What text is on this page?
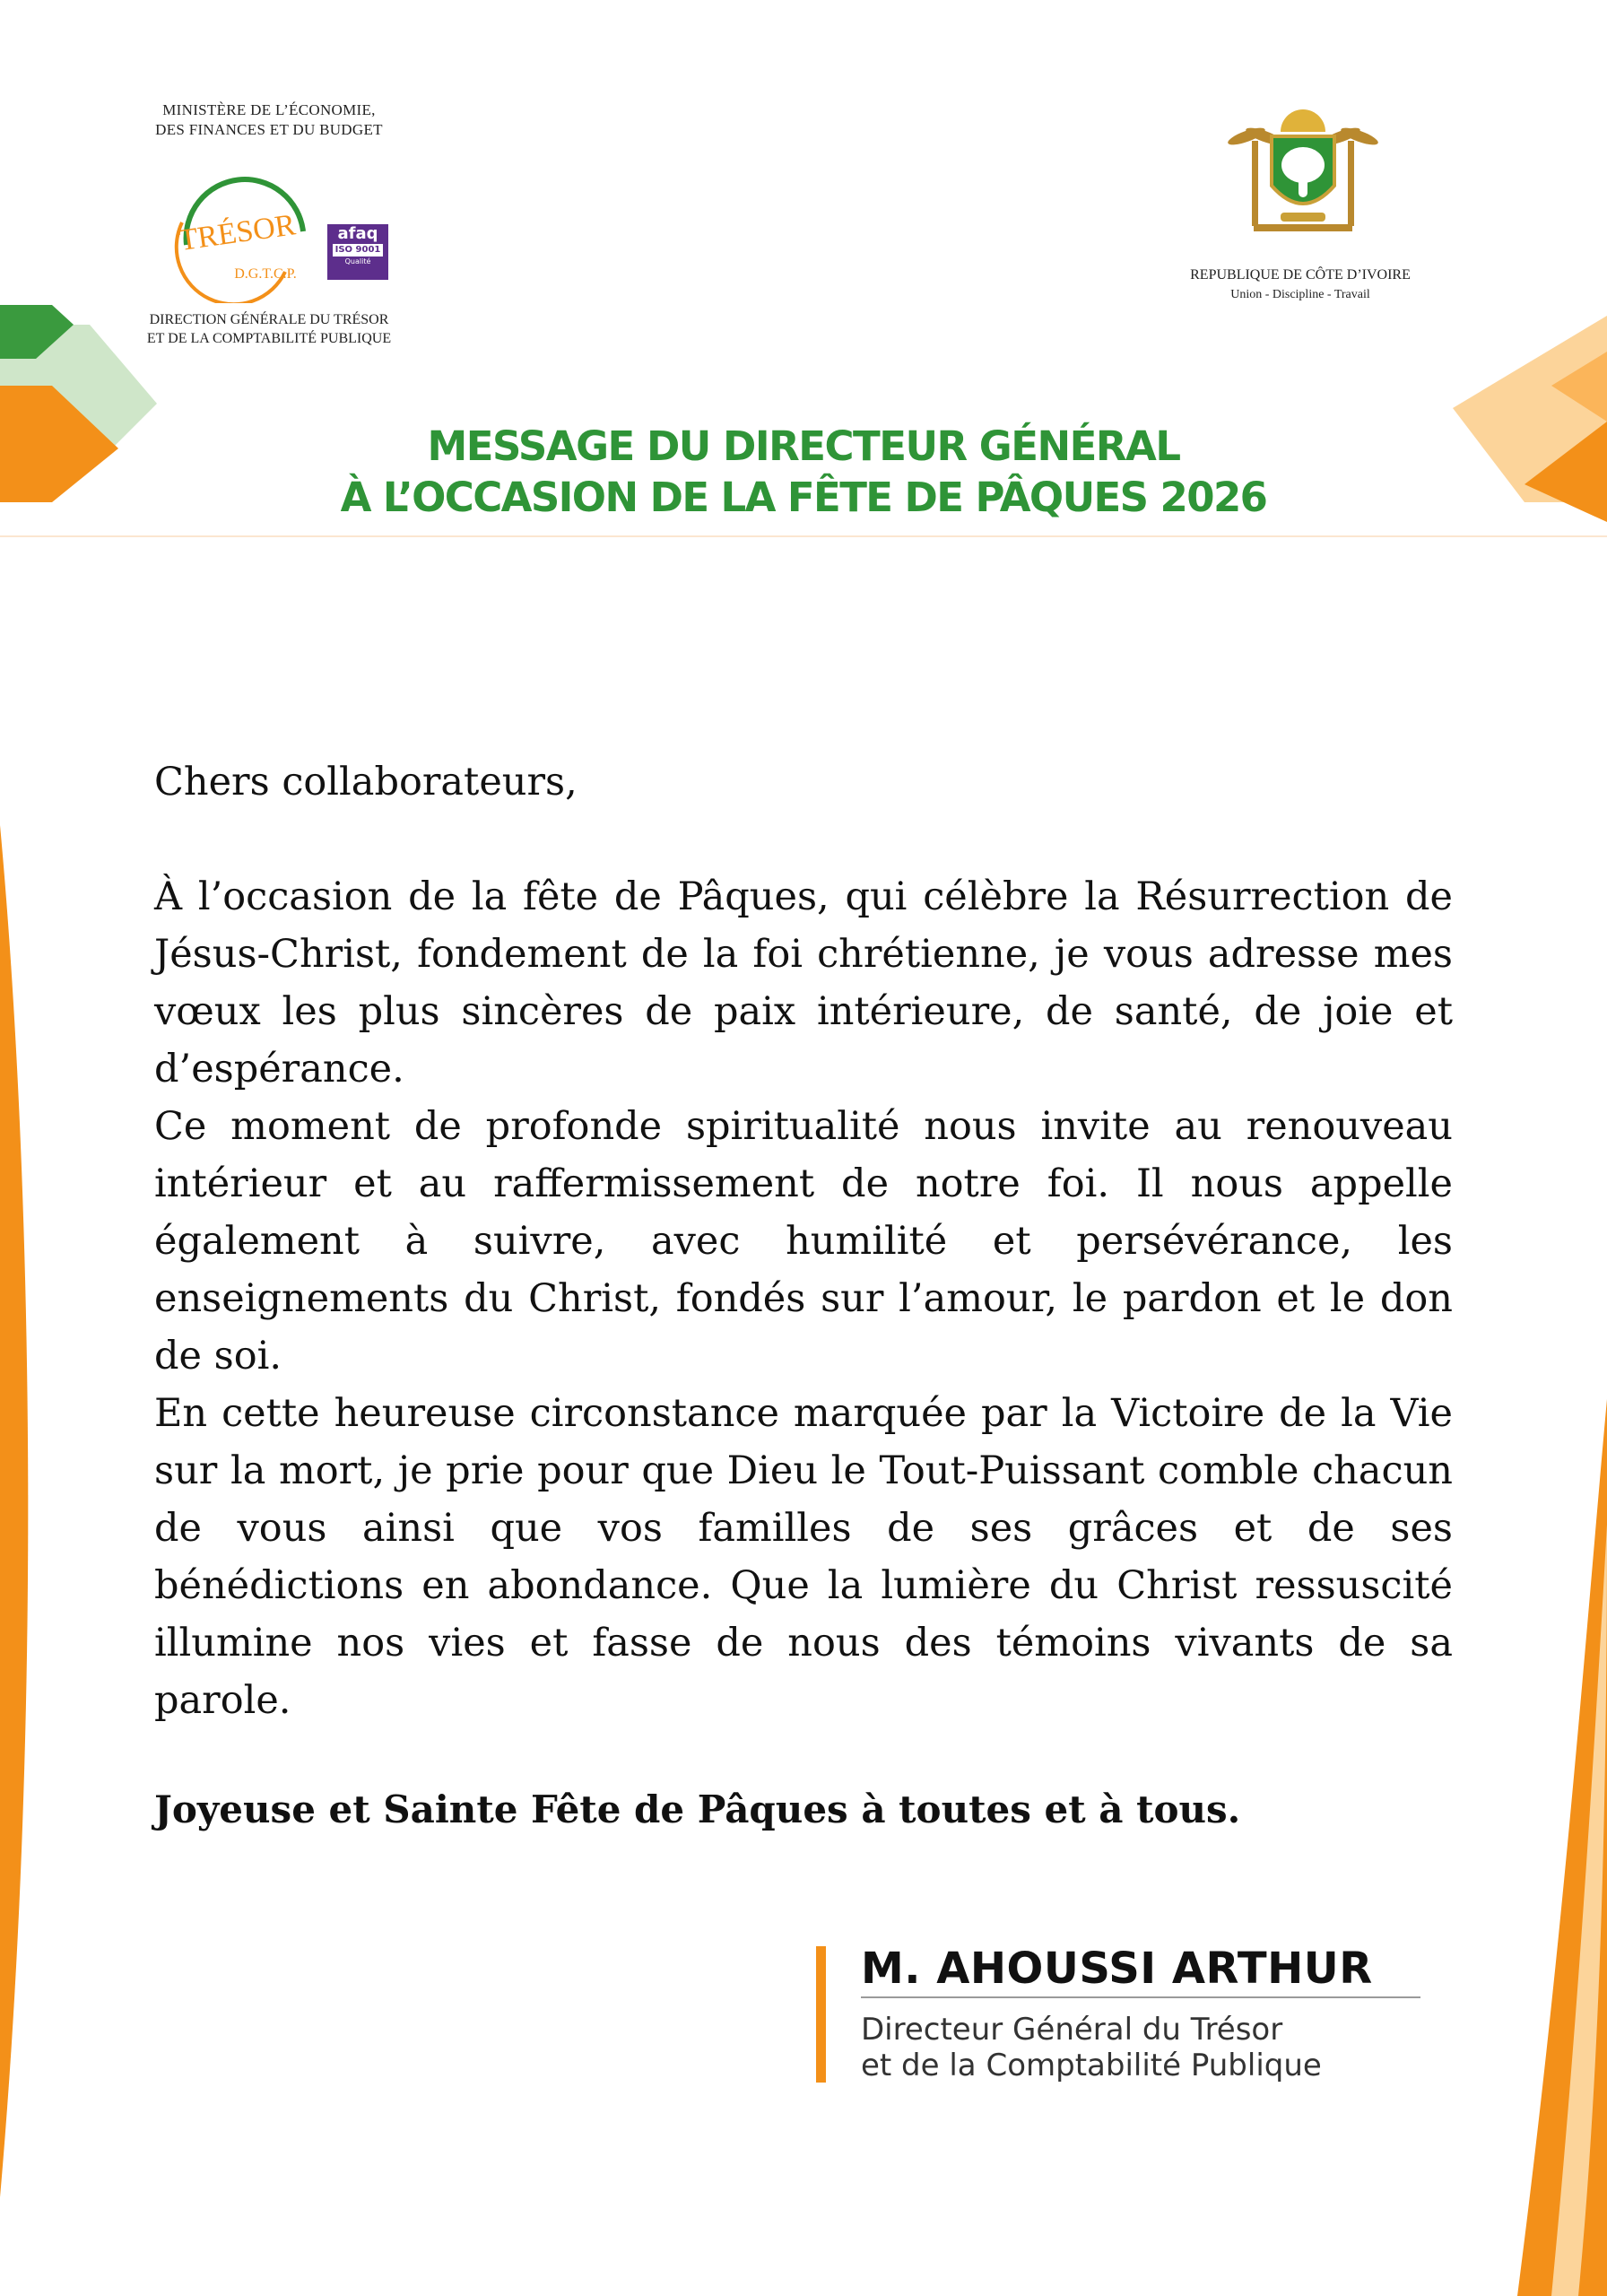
MINISTÈRE DE L’ÉCONOMIE,
DES FINANCES ET DU BUDGET
TRÉSOR
D.G.T.C.P.
afaq
ISO 9001
Qualité
DIRECTION GÉNÉRALE DU TRÉSOR
ET DE LA COMPTABILITÉ PUBLIQUE
REPUBLIQUE DE CÔTE D’IVOIRE
Union - Discipline - Travail
MESSAGE DU DIRECTEUR GÉNÉRAL
À L’OCCASION DE LA FÊTE DE PÂQUES 2026

Chers collaborateurs,

À l’occasion de la fête de Pâques, qui célèbre la Résurrection de Jésus-Christ, fondement de la foi chrétienne, je vous adresse mes vœux les plus sincères de paix intérieure, de santé, de joie et d’espérance.

Ce moment de profonde spiritualité nous invite au renouveau intérieur et au raffermissement de notre foi. Il nous appelle également à suivre, avec humilité et persévérance, les enseignements du Christ, fondés sur l’amour, le pardon et le don de soi.

En cette heureuse circonstance marquée par la Victoire de la Vie sur la mort, je prie pour que Dieu le Tout-Puissant comble chacun de vous ainsi que vos familles de ses grâces et de ses bénédictions en abondance. Que la lumière du Christ ressuscité illumine nos vies et fasse de nous des témoins vivants de sa parole.

Joyeuse et Sainte Fête de Pâques à toutes et à tous.
M. AHOUSSI ARTHUR
Directeur Général du Trésor
et de la Comptabilité Publique
